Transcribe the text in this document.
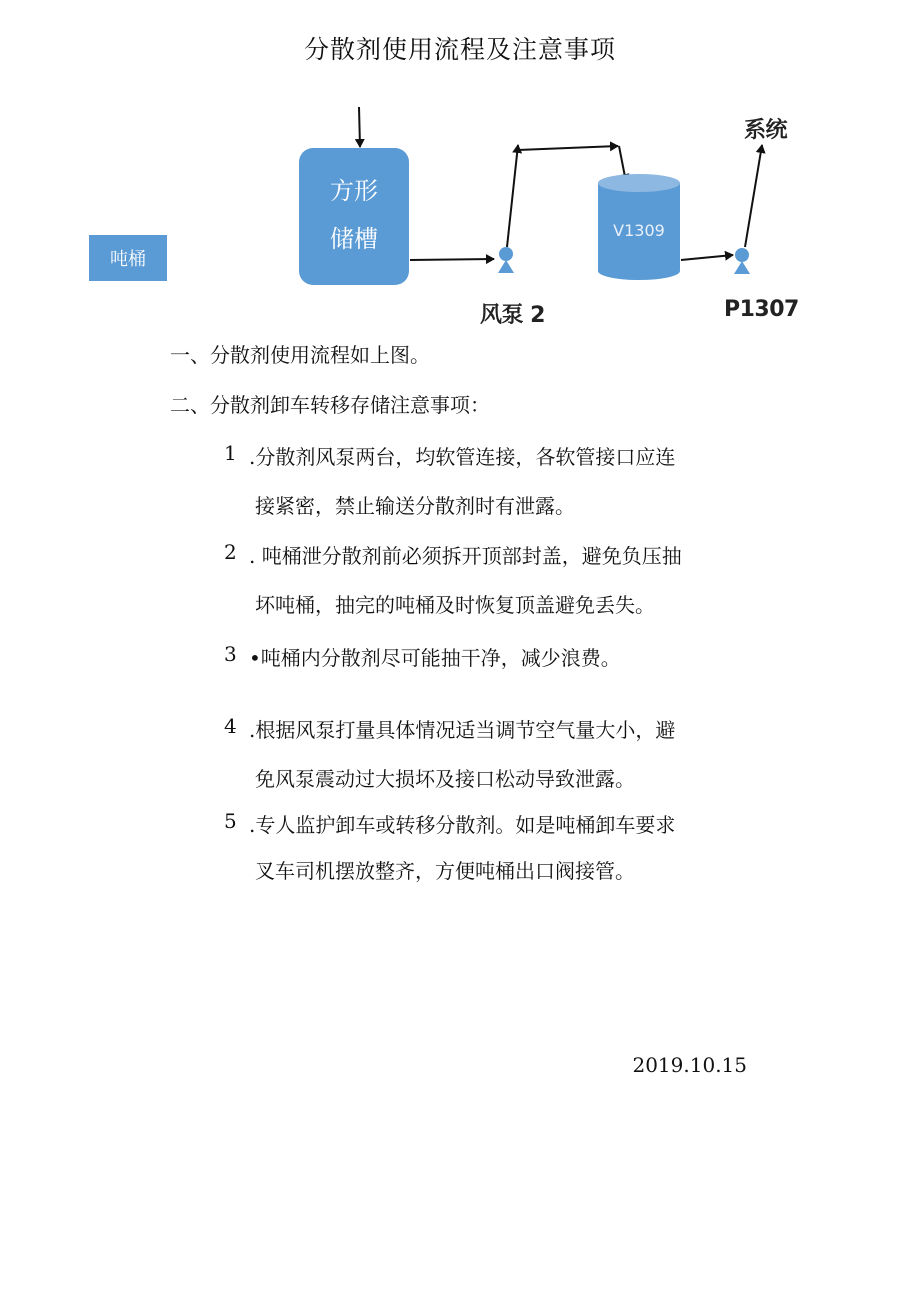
分散剂使用流程及注意事项
吨桶
方形
储槽	V1309
风泵 2	P1307
系统
一、分散剂使用流程如上图。
二、分散剂卸车转移存储注意事项：
1 .分散剂风泵两台，均软管连接，各软管接口应连
接紧密，禁止输送分散剂时有泄露。
2 . 吨桶泄分散剂前必须拆开顶部封盖，避免负压抽
坏吨桶，抽完的吨桶及时恢复顶盖避免丢失。
3 •吨桶内分散剂尽可能抽干净，减少浪费。
4 .根据风泵打量具体情况适当调节空气量大小，避
免风泵震动过大损坏及接口松动导致泄露。
5 .专人监护卸车或转移分散剂。如是吨桶卸车要求
叉车司机摆放整齐，方便吨桶出口阀接管。
2019.10.15
